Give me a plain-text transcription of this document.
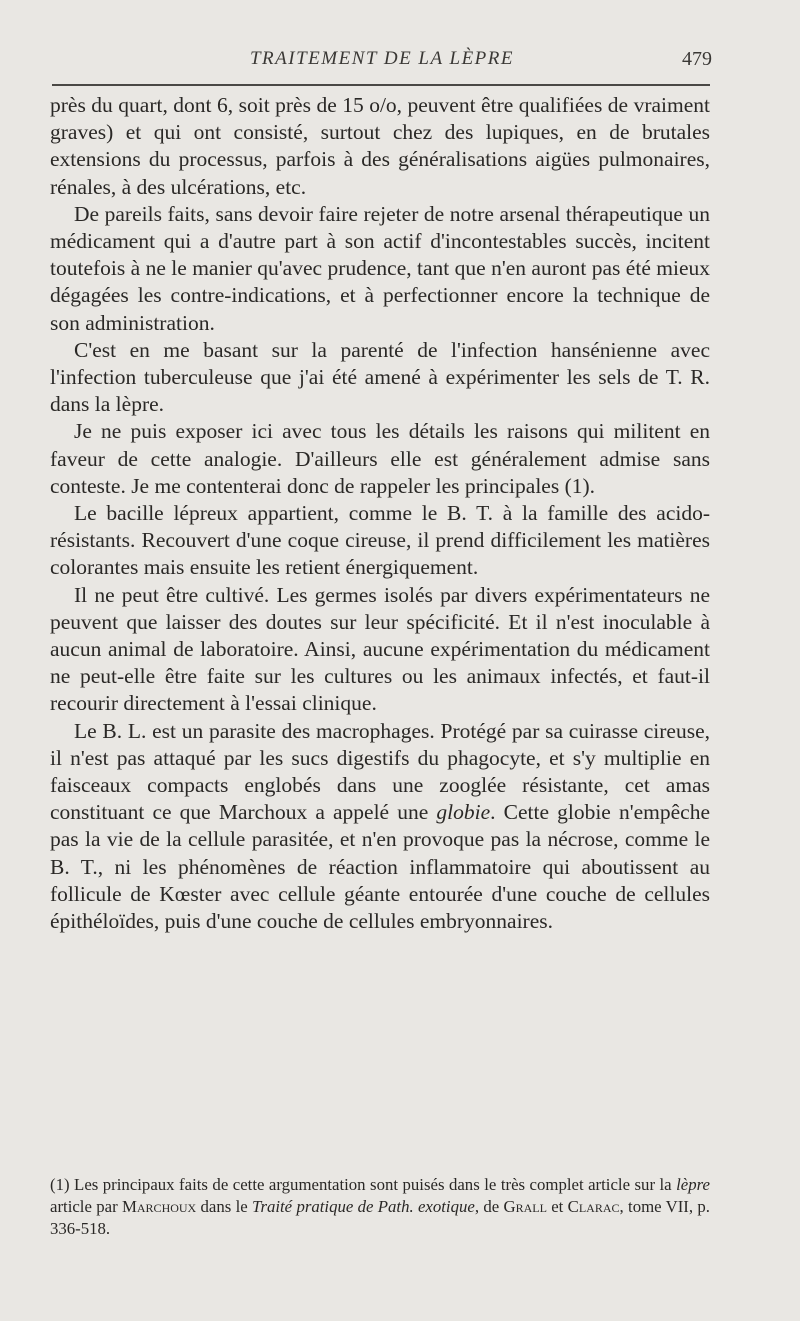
TRAITEMENT DE LA LÈPRE	479

près du quart, dont 6, soit près de 15 o/o, peuvent être qualifiées de vraiment graves) et qui ont consisté, surtout chez des lupiques, en de brutales extensions du processus, parfois à des généralisations aigües pulmonaires, rénales, à des ulcérations, etc.

De pareils faits, sans devoir faire rejeter de notre arsenal thérapeutique un médicament qui a d'autre part à son actif d'incontestables succès, incitent toutefois à ne le manier qu'avec prudence, tant que n'en auront pas été mieux dégagées les contre-indications, et à perfectionner encore la technique de son administration.

C'est en me basant sur la parenté de l'infection hansénienne avec l'infection tuberculeuse que j'ai été amené à expérimenter les sels de T. R. dans la lèpre.

Je ne puis exposer ici avec tous les détails les raisons qui militent en faveur de cette analogie. D'ailleurs elle est généralement admise sans conteste. Je me contenterai donc de rappeler les principales (1).

Le bacille lépreux appartient, comme le B. T. à la famille des acido-résistants. Recouvert d'une coque cireuse, il prend difficilement les matières colorantes mais ensuite les retient énergiquement.

Il ne peut être cultivé. Les germes isolés par divers expérimentateurs ne peuvent que laisser des doutes sur leur spécificité. Et il n'est inoculable à aucun animal de laboratoire. Ainsi, aucune expérimentation du médicament ne peut-elle être faite sur les cultures ou les animaux infectés, et faut-il recourir directement à l'essai clinique.

Le B. L. est un parasite des macrophages. Protégé par sa cuirasse cireuse, il n'est pas attaqué par les sucs digestifs du phagocyte, et s'y multiplie en faisceaux compacts englobés dans une zooglée résistante, cet amas constituant ce que Marchoux a appelé une globie. Cette globie n'empêche pas la vie de la cellule parasitée, et n'en provoque pas la nécrose, comme le B. T., ni les phénomènes de réaction inflammatoire qui aboutissent au follicule de Kœster avec cellule géante entourée d'une couche de cellules épithéloïdes, puis d'une couche de cellules embryonnaires.

(1) Les principaux faits de cette argumentation sont puisés dans le très complet article sur la lèpre article par Marchoux dans le Traité pratique de Path. exotique, de Grall et Clarac, tome VII, p. 336-518.
